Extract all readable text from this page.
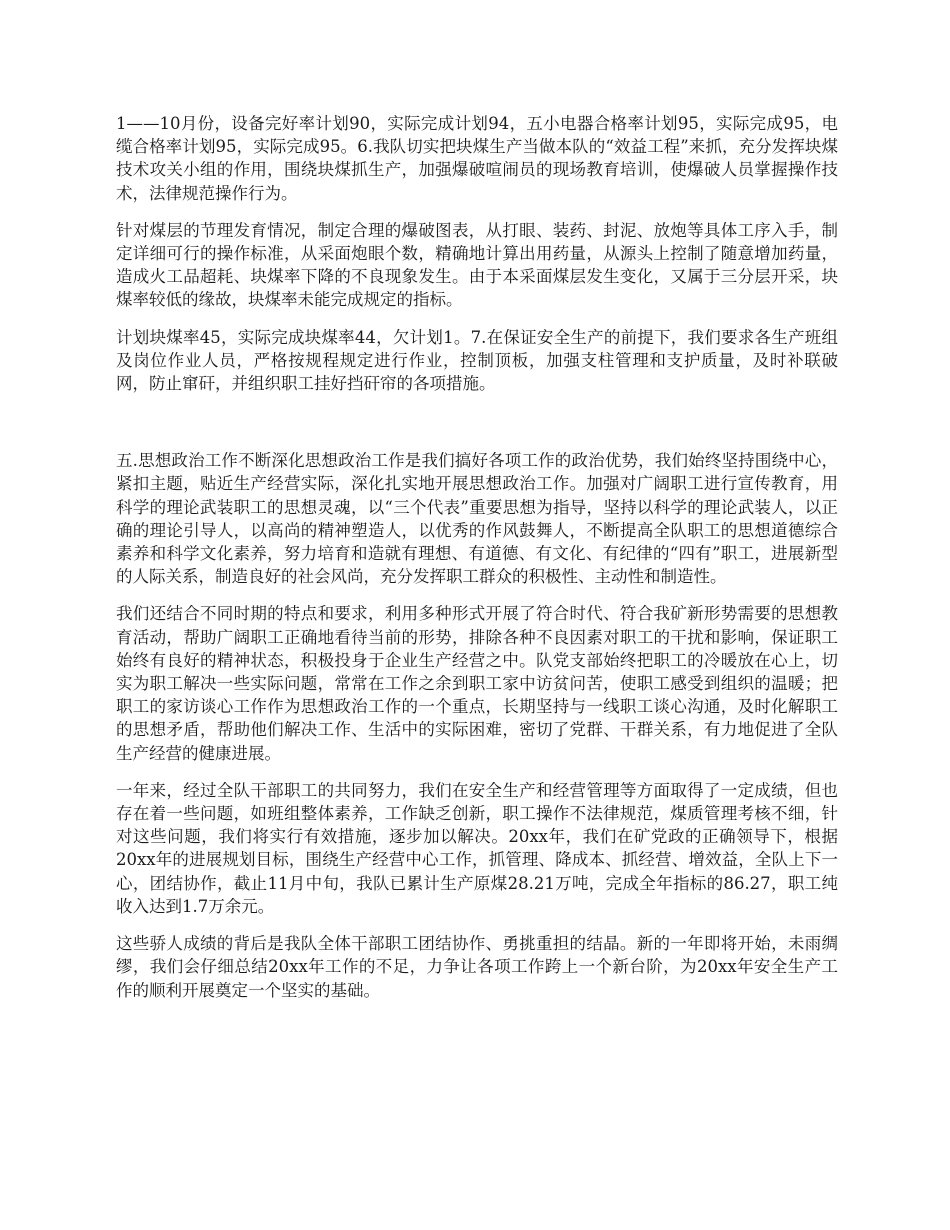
1——10月份，设备完好率计划90，实际完成计划94，五小电器合格率计划95，实际完成95，电缆合格率计划95，实际完成95。6.我队切实把块煤生产当做本队的“效益工程”来抓，充分发挥块煤技术攻关小组的作用，围绕块煤抓生产，加强爆破喧闹员的现场教育培训，使爆破人员掌握操作技术，法律规范操作行为。

针对煤层的节理发育情况，制定合理的爆破图表，从打眼、装药、封泥、放炮等具体工序入手，制定详细可行的操作标准，从采面炮眼个数，精确地计算出用药量，从源头上控制了随意增加药量，造成火工品超耗、块煤率下降的不良现象发生。由于本采面煤层发生变化，又属于三分层开采，块煤率较低的缘故，块煤率未能完成规定的指标。

计划块煤率45，实际完成块煤率44，欠计划1。7.在保证安全生产的前提下，我们要求各生产班组及岗位作业人员，严格按规程规定进行作业，控制顶板，加强支柱管理和支护质量，及时补联破网，防止窜矸，并组织职工挂好挡矸帘的各项措施。

五.思想政治工作不断深化思想政治工作是我们搞好各项工作的政治优势，我们始终坚持围绕中心，紧扣主题，贴近生产经营实际，深化扎实地开展思想政治工作。加强对广阔职工进行宣传教育，用科学的理论武装职工的思想灵魂，以“三个代表”重要思想为指导，坚持以科学的理论武装人，以正确的理论引导人，以高尚的精神塑造人，以优秀的作风鼓舞人，不断提高全队职工的思想道德综合素养和科学文化素养，努力培育和造就有理想、有道德、有文化、有纪律的“四有”职工，进展新型的人际关系，制造良好的社会风尚，充分发挥职工群众的积极性、主动性和制造性。

我们还结合不同时期的特点和要求，利用多种形式开展了符合时代、符合我矿新形势需要的思想教育活动，帮助广阔职工正确地看待当前的形势，排除各种不良因素对职工的干扰和影响，保证职工始终有良好的精神状态，积极投身于企业生产经营之中。队党支部始终把职工的冷暖放在心上，切实为职工解决一些实际问题，常常在工作之余到职工家中访贫问苦，使职工感受到组织的温暖；把职工的家访谈心工作作为思想政治工作的一个重点，长期坚持与一线职工谈心沟通，及时化解职工的思想矛盾，帮助他们解决工作、生活中的实际困难，密切了党群、干群关系，有力地促进了全队生产经营的健康进展。

一年来，经过全队干部职工的共同努力，我们在安全生产和经营管理等方面取得了一定成绩，但也存在着一些问题，如班组整体素养，工作缺乏创新，职工操作不法律规范，煤质管理考核不细，针对这些问题，我们将实行有效措施，逐步加以解决。20xx年，我们在矿党政的正确领导下，根据20xx年的进展规划目标，围绕生产经营中心工作，抓管理、降成本、抓经营、增效益，全队上下一心，团结协作，截止11月中旬，我队已累计生产原煤28.21万吨，完成全年指标的86.27，职工纯收入达到1.7万余元。

这些骄人成绩的背后是我队全体干部职工团结协作、勇挑重担的结晶。新的一年即将开始，未雨绸缪，我们会仔细总结20xx年工作的不足，力争让各项工作跨上一个新台阶，为20xx年安全生产工作的顺利开展奠定一个坚实的基础。
